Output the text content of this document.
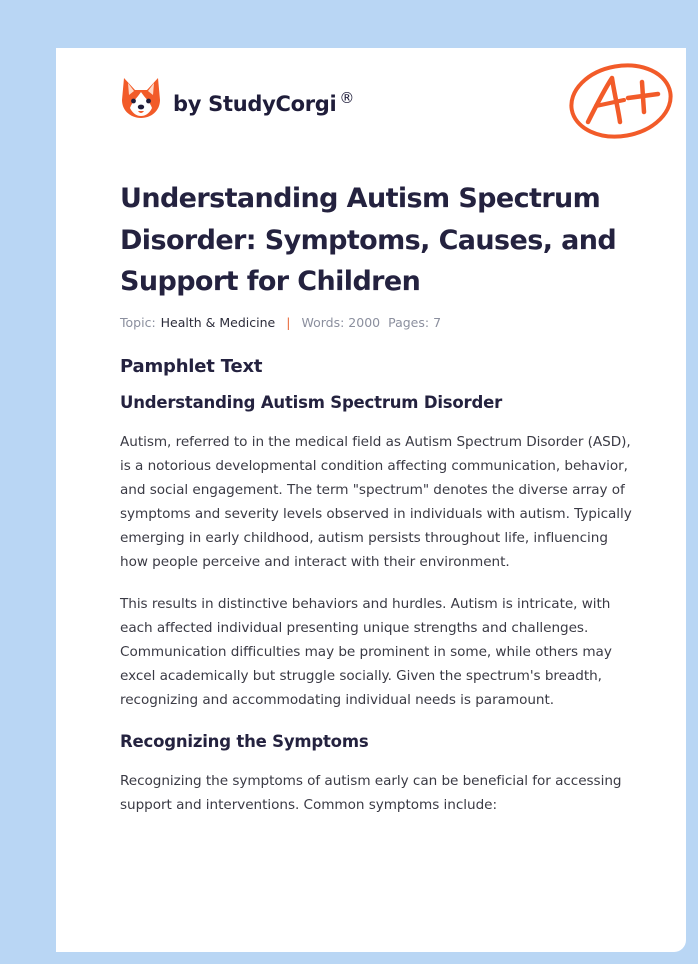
by StudyCorgi ®
Understanding Autism Spectrum Disorder: Symptoms, Causes, and Support for Children
Topic: Health & Medicine | Words: 2000 Pages: 7
Pamphlet Text
Understanding Autism Spectrum Disorder

Autism, referred to in the medical field as Autism Spectrum Disorder (ASD), is a notorious developmental condition affecting communication, behavior, and social engagement. The term "spectrum" denotes the diverse array of symptoms and severity levels observed in individuals with autism. Typically emerging in early childhood, autism persists throughout life, influencing how people perceive and interact with their environment.

This results in distinctive behaviors and hurdles. Autism is intricate, with each affected individual presenting unique strengths and challenges. Communication difficulties may be prominent in some, while others may excel academically but struggle socially. Given the spectrum's breadth, recognizing and accommodating individual needs is paramount.

Recognizing the Symptoms

Recognizing the symptoms of autism early can be beneficial for accessing support and interventions. Common symptoms include:
